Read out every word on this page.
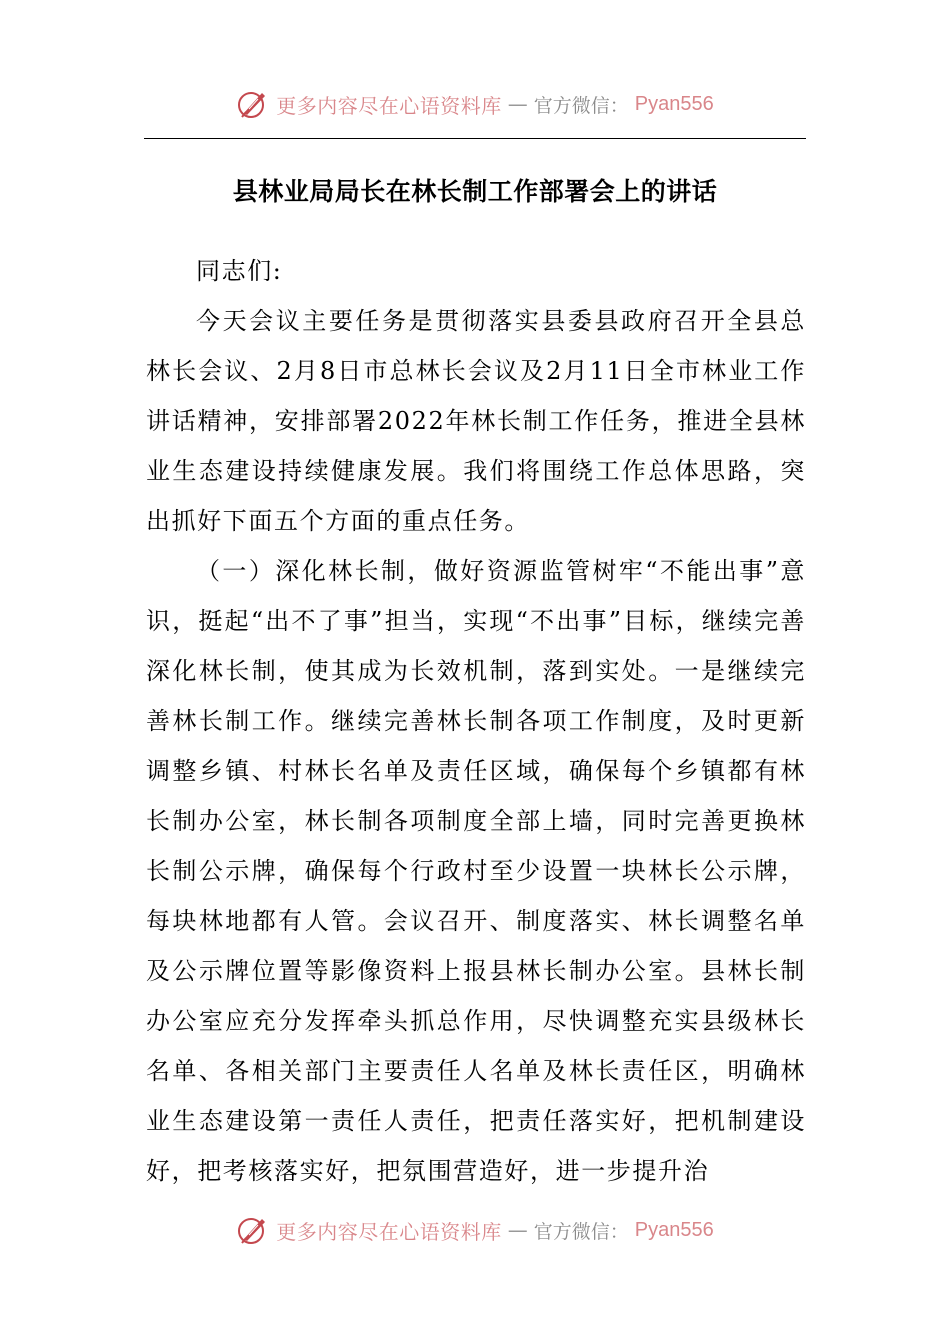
更多内容尽在心语资料库 — 官方微信： Pyan556
县林业局局长在林长制工作部署会上的讲话

同志们:

今天会议主要任务是贯彻落实县委县政府召开全县总林长会议、2月8日市总林长会议及2月11日全市林业工作讲话精神，安排部署2022年林长制工作任务，推进全县林业生态建设持续健康发展。我们将围绕工作总体思路，突出抓好下面五个方面的重点任务。

（一）深化林长制，做好资源监管树牢“不能出事”意识，挺起“出不了事”担当，实现“不出事”目标，继续完善深化林长制，使其成为长效机制，落到实处。一是继续完善林长制工作。继续完善林长制各项工作制度，及时更新调整乡镇、村林长名单及责任区域，确保每个乡镇都有林长制办公室，林长制各项制度全部上墙，同时完善更换林长制公示牌，确保每个行政村至少设置一块林长公示牌，每块林地都有人管。会议召开、制度落实、林长调整名单及公示牌位置等影像资料上报县林长制办公室。县林长制办公室应充分发挥牵头抓总作用，尽快调整充实县级林长名单、各相关部门主要责任人名单及林长责任区，明确林业生态建设第一责任人责任，把责任落实好，把机制建设好，把考核落实好，把氛围营造好，进一步提升治

更多内容尽在心语资料库 — 官方微信： Pyan556
